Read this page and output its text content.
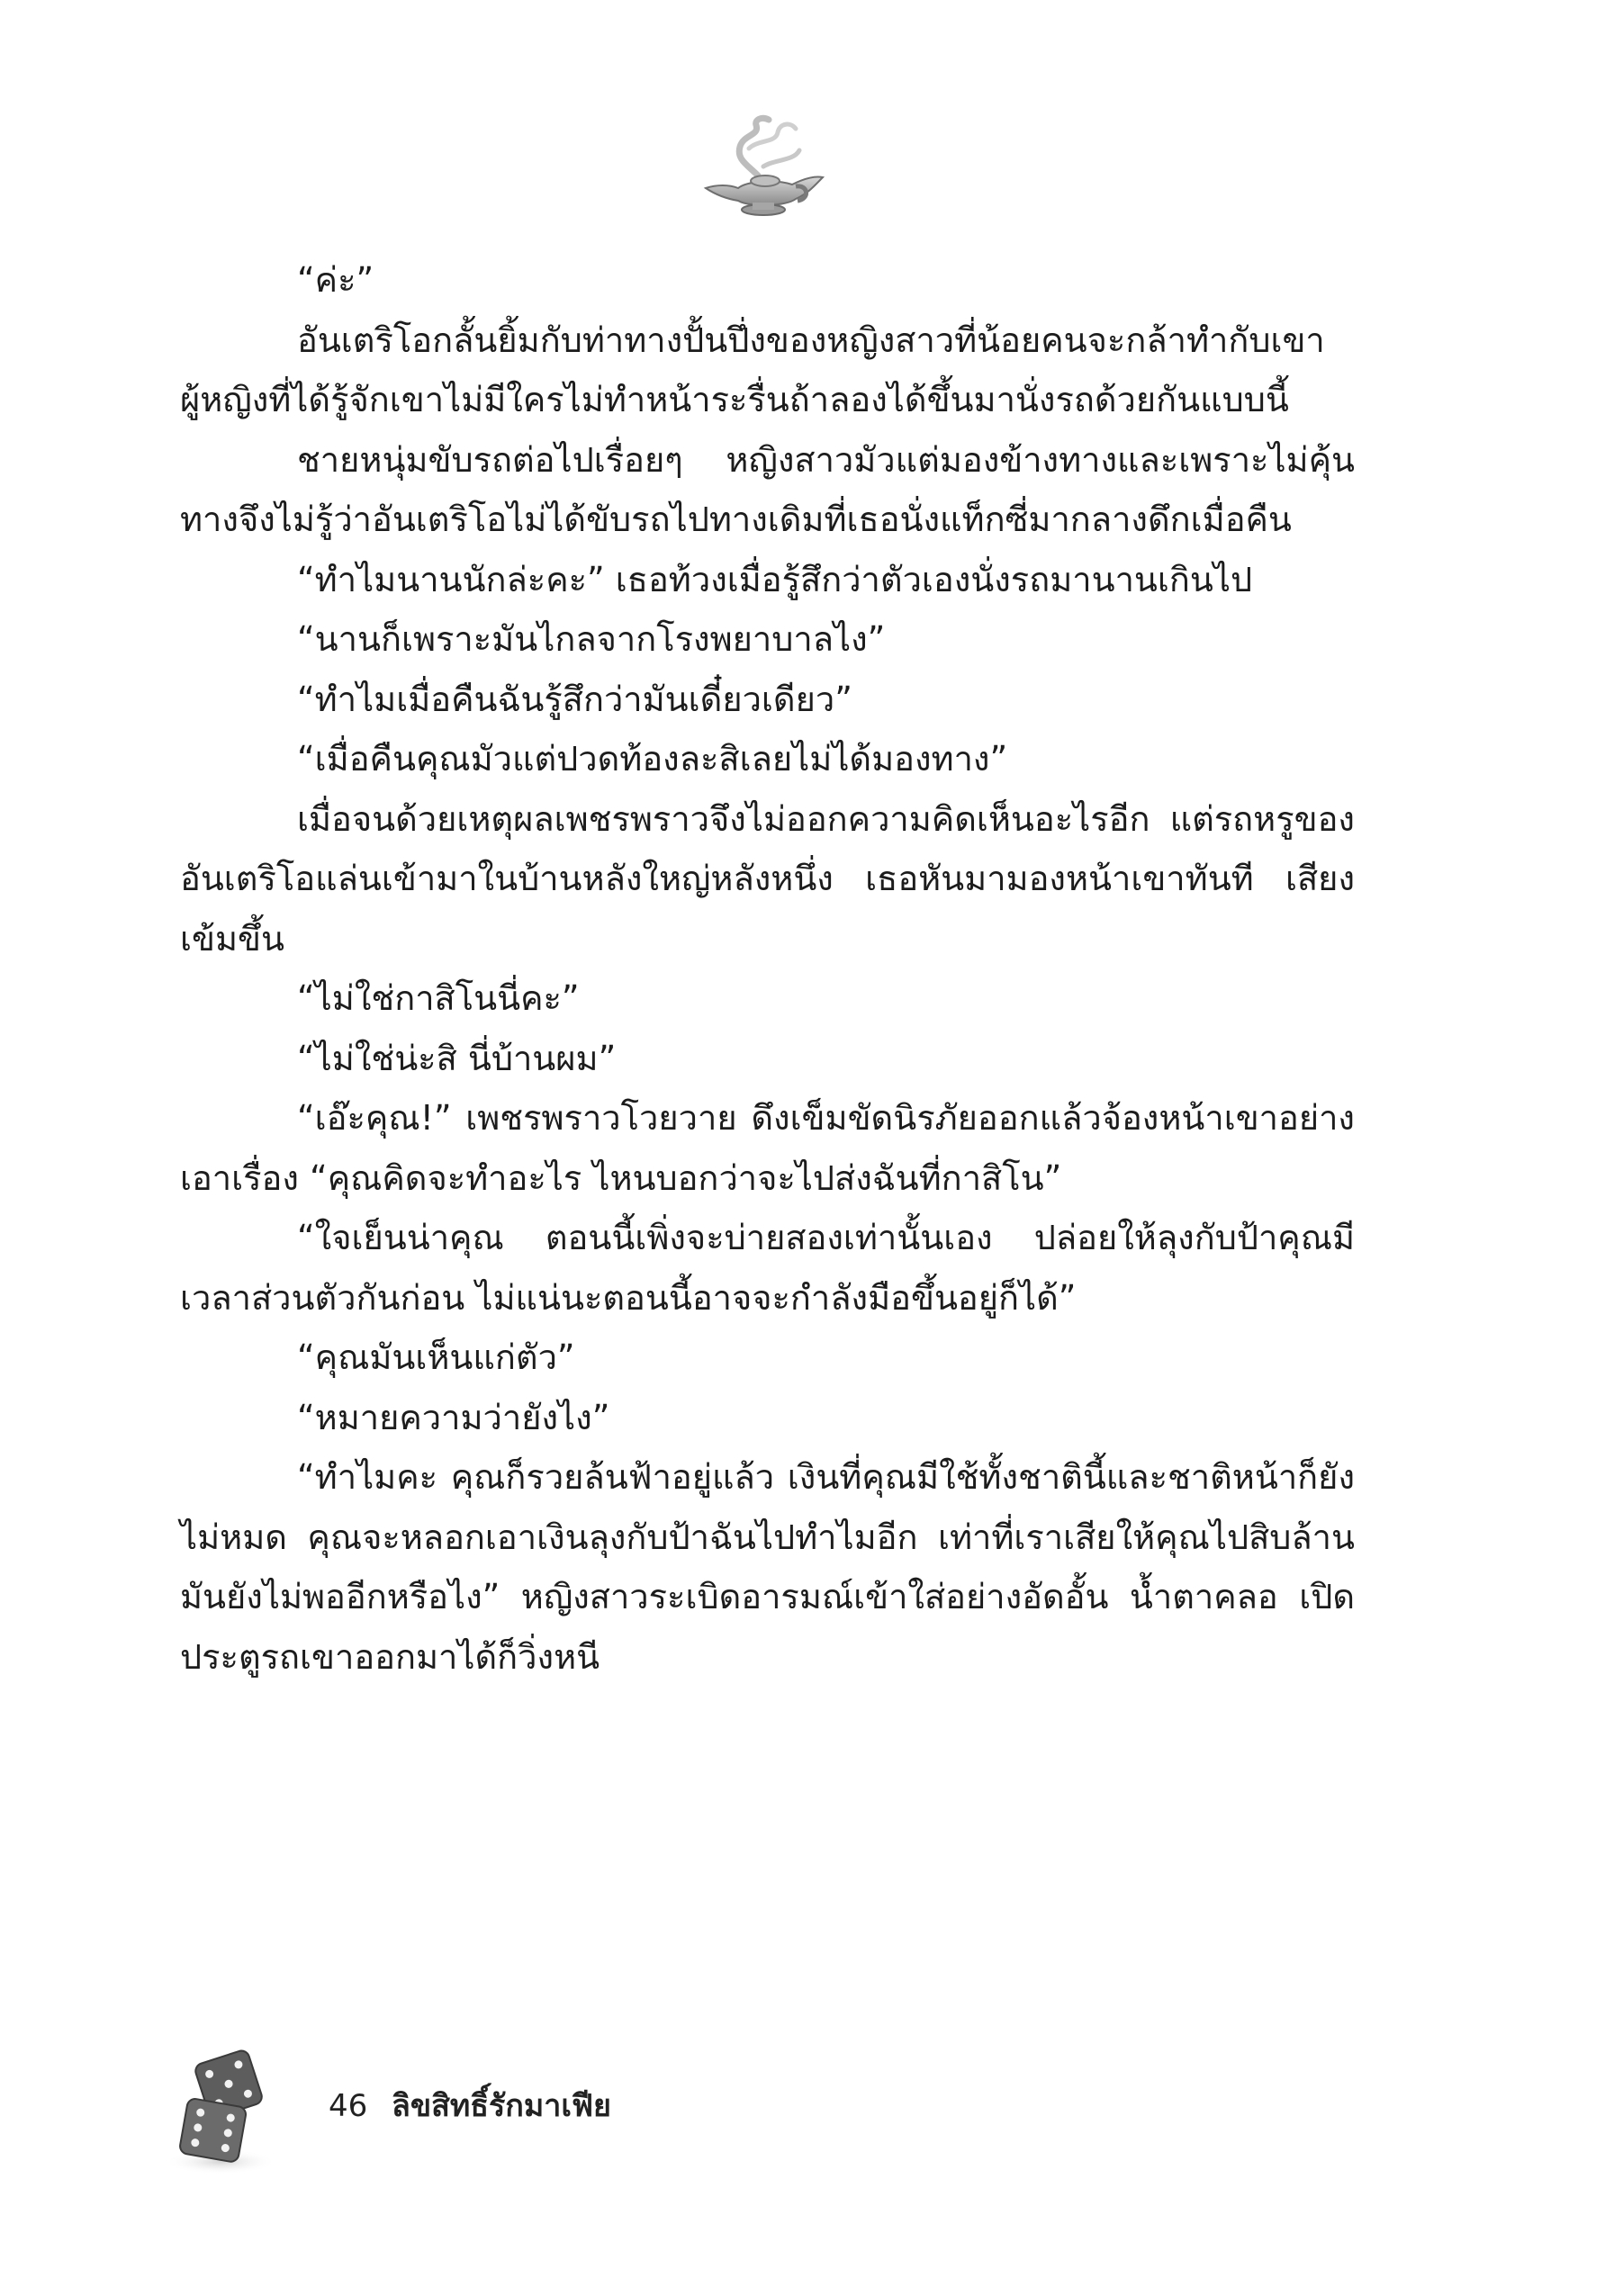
“ค่ะ”

อันเตริโอกลั้นยิ้มกับท่าทางปั้นปึ่งของหญิงสาวที่น้อยคนจะกล้าทำกับเขา ผู้หญิงที่ได้รู้จักเขาไม่มีใครไม่ทำหน้าระรื่นถ้าลองได้ขึ้นมานั่งรถด้วยกันแบบนี้

ชายหนุ่มขับรถต่อไปเรื่อยๆ หญิงสาวมัวแต่มองข้างทางและเพราะไม่คุ้นทางจึงไม่รู้ว่าอันเตริโอไม่ได้ขับรถไปทางเดิมที่เธอนั่งแท็กซี่มากลางดึกเมื่อคืน

“ทำไมนานนักล่ะคะ” เธอท้วงเมื่อรู้สึกว่าตัวเองนั่งรถมานานเกินไป

“นานก็เพราะมันไกลจากโรงพยาบาลไง”

“ทำไมเมื่อคืนฉันรู้สึกว่ามันเดี๋ยวเดียว”

“เมื่อคืนคุณมัวแต่ปวดท้องละสิเลยไม่ได้มองทาง”

เมื่อจนด้วยเหตุผลเพชรพราวจึงไม่ออกความคิดเห็นอะไรอีก แต่รถหรูของอันเตริโอแล่นเข้ามาในบ้านหลังใหญ่หลังหนึ่ง เธอหันมามองหน้าเขาทันที เสียงเข้มขึ้น

“ไม่ใช่กาสิโนนี่คะ”

“ไม่ใช่น่ะสิ นี่บ้านผม”

“เอ๊ะคุณ!” เพชรพราวโวยวาย ดึงเข็มขัดนิรภัยออกแล้วจ้องหน้าเขาอย่างเอาเรื่อง “คุณคิดจะทำอะไร ไหนบอกว่าจะไปส่งฉันที่กาสิโน”

“ใจเย็นน่าคุณ ตอนนี้เพิ่งจะบ่ายสองเท่านั้นเอง ปล่อยให้ลุงกับป้าคุณมีเวลาส่วนตัวกันก่อน ไม่แน่นะตอนนี้อาจจะกำลังมือขึ้นอยู่ก็ได้”

“คุณมันเห็นแก่ตัว”

“หมายความว่ายังไง”

“ทำไมคะ คุณก็รวยล้นฟ้าอยู่แล้ว เงินที่คุณมีใช้ทั้งชาตินี้และชาติหน้าก็ยังไม่หมด คุณจะหลอกเอาเงินลุงกับป้าฉันไปทำไมอีก เท่าที่เราเสียให้คุณไปสิบล้านมันยังไม่พออีกหรือไง” หญิงสาวระเบิดอารมณ์เข้าใส่อย่างอัดอั้น น้ำตาคลอ เปิดประตูรถเขาออกมาได้ก็วิ่งหนี

46 ลิขสิทธิ์รักมาเฟีย
